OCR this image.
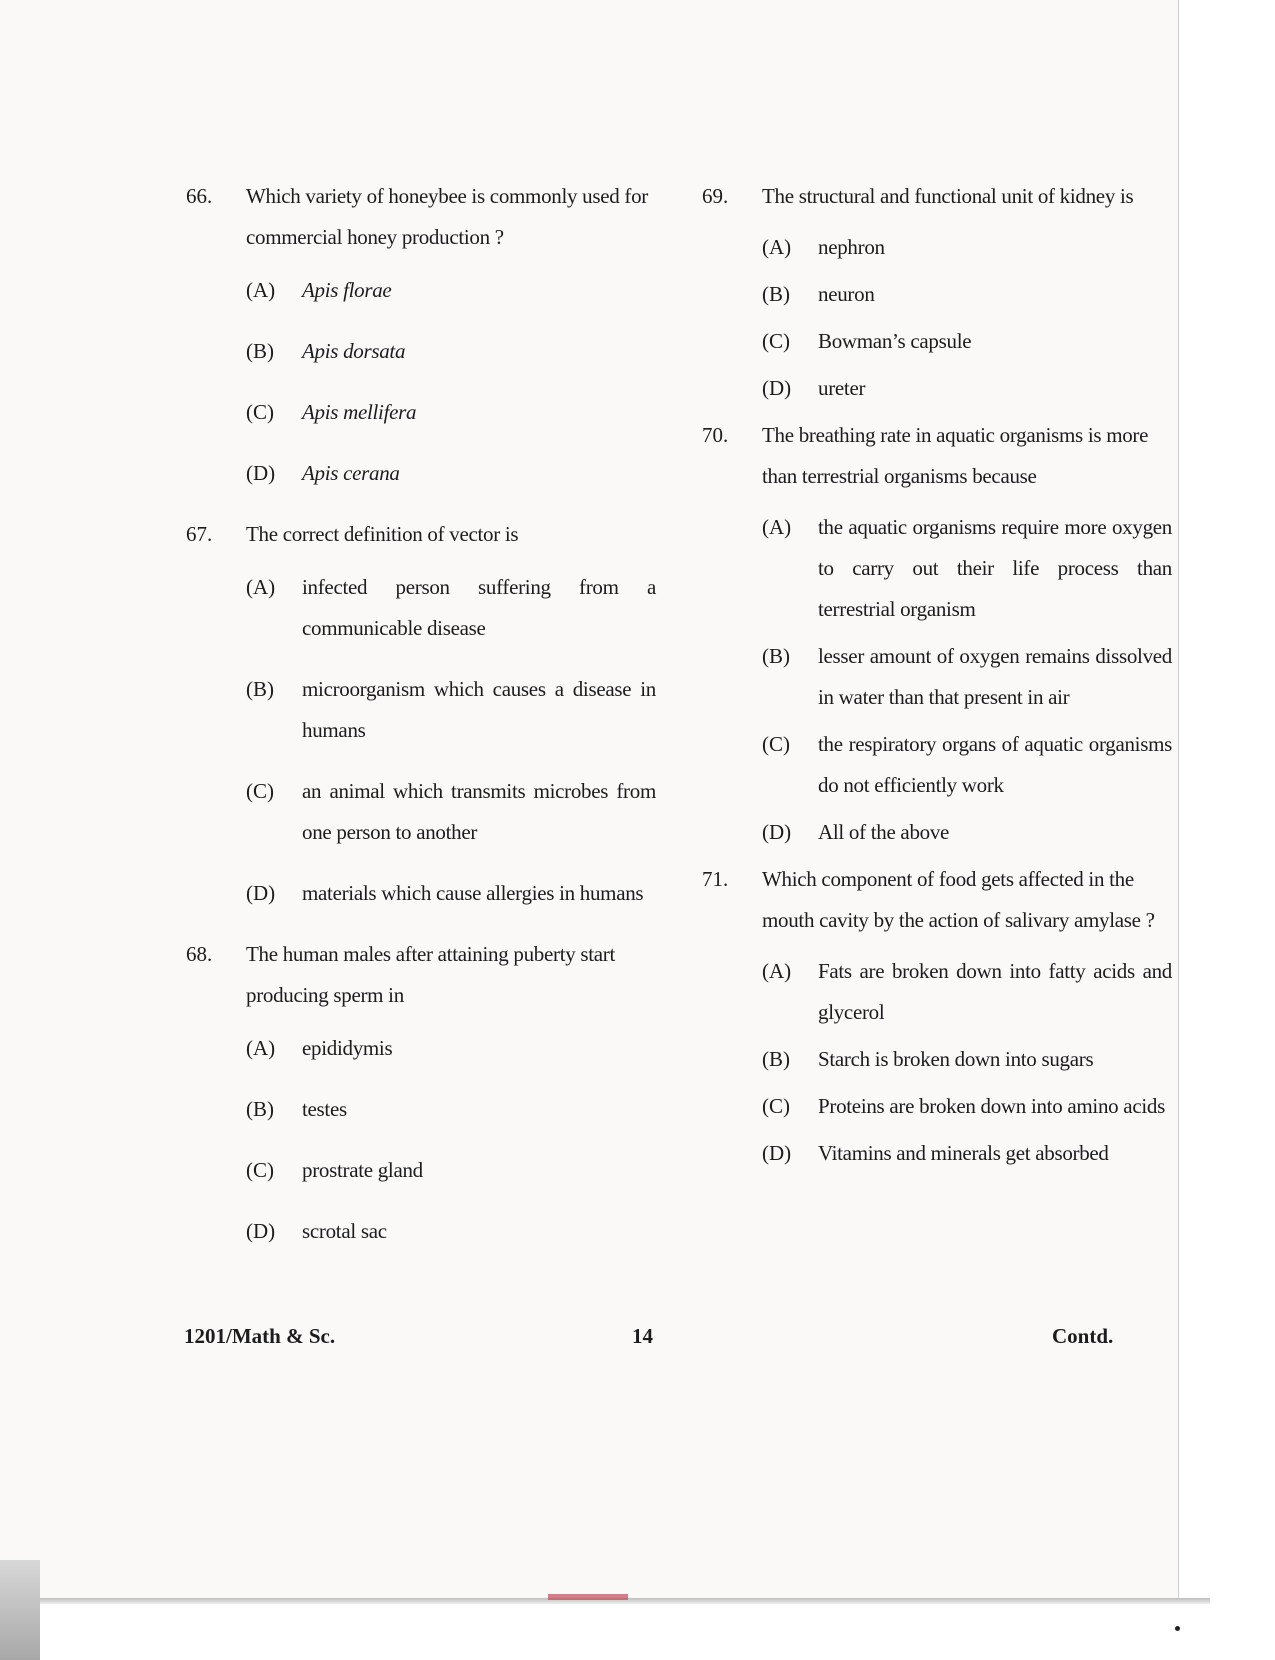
66.	Which variety of honeybee is commonly used for commercial honey production ?
(A)	Apis florae
(B)	Apis dorsata
(C)	Apis mellifera
(D)	Apis cerana
67.	The correct definition of vector is
(A)	infected person suffering from a communicable disease
(B)	microorganism which causes a disease in humans
(C)	an animal which transmits microbes from one person to another
(D)	materials which cause allergies in humans
68.	The human males after attaining puberty start producing sperm in
(A)	epididymis
(B)	testes
(C)	prostrate gland
(D)	scrotal sac
69.	The structural and functional unit of kidney is
(A)	nephron
(B)	neuron
(C)	Bowman’s capsule
(D)	ureter
70.	The breathing rate in aquatic organisms is more than terrestrial organisms because
(A)	the aquatic organisms require more oxygen to carry out their life process than terrestrial organism
(B)	lesser amount of oxygen remains dissolved in water than that present in air
(C)	the respiratory organs of aquatic organisms do not efficiently work
(D)	All of the above
71.	Which component of food gets affected in the mouth cavity by the action of salivary amylase ?
(A)	Fats are broken down into fatty acids and glycerol
(B)	Starch is broken down into sugars
(C)	Proteins are broken down into amino acids
(D)	Vitamins and minerals get absorbed
1201/Math & Sc.	14	Contd.
